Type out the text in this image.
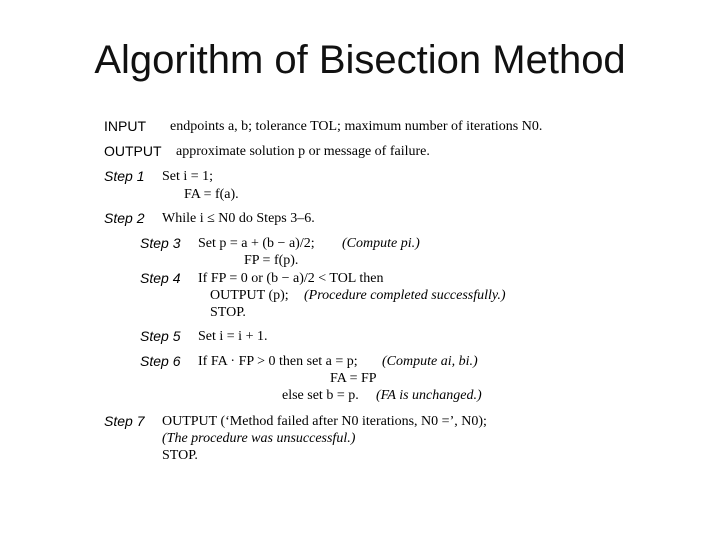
Algorithm of Bisection Method
INPUT endpoints a, b; tolerance TOL; maximum number of iterations N0.
OUTPUT approximate solution p or message of failure.
Step 1 Set i = 1;
FA = f(a).
Step 2 While i ≤ N0 do Steps 3–6.
Step 3 Set p = a + (b − a)/2; (Compute pi.)
FP = f(p).
Step 4 If FP = 0 or (b − a)/2 < TOL then
OUTPUT (p); (Procedure completed successfully.)
STOP.
Step 5 Set i = i + 1.
Step 6 If FA · FP > 0 then set a = p; (Compute ai, bi.)
FA = FP
else set b = p. (FA is unchanged.)
Step 7 OUTPUT (‘Method failed after N0 iterations, N0 =’, N0);
(The procedure was unsuccessful.)
STOP.
